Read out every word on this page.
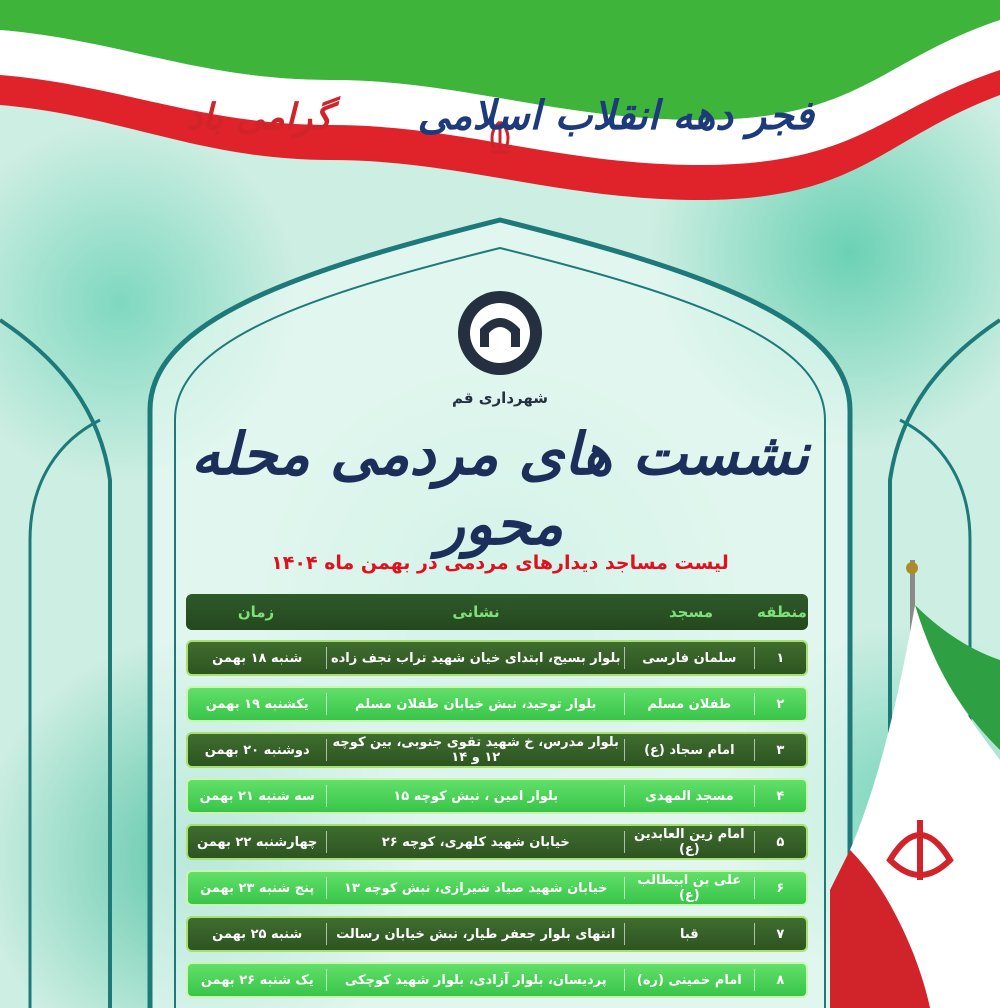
فجر دهه انقلاب اسلامی گرامی باد
شهرداری قم
نشست های مردمی محله محور
لیست مساجد دیدارهای مردمی در بهمن ماه ۱۴۰۴
منطقه
مسجد
نشانی
زمان
۱
سلمان فارسی
بلوار بسیج، ابتدای خیان شهید تراب نجف زاده
شنبه ۱۸ بهمن
۲
طفلان مسلم
بلوار توحید، نبش خیابان طفلان مسلم
یکشنبه ۱۹ بهمن
۳
امام سجاد (ع)
بلوار مدرس، خ شهید تقوی جنوبی، بین کوچه ۱۲ و ۱۴
دوشنبه ۲۰ بهمن
۴
مسجد المهدی
بلوار امین ، نبش کوچه ۱۵
سه شنبه ۲۱ بهمن
۵
امام زین العابدین (ع)
خیابان شهید کلهری، کوچه ۲۶
چهارشنبه ۲۲ بهمن
۶
علی بن ابیطالب (ع)
خیابان شهید صیاد شیرازی، نبش کوچه ۱۳
پنج شنبه ۲۳ بهمن
۷
قبا
انتهای بلوار جعفر طیار، نبش خیابان رسالت
شنبه ۲۵ بهمن
۸
امام خمینی (ره)
پردیسان، بلوار آزادی، بلوار شهید کوچکی
یک شنبه ۲۶ بهمن
